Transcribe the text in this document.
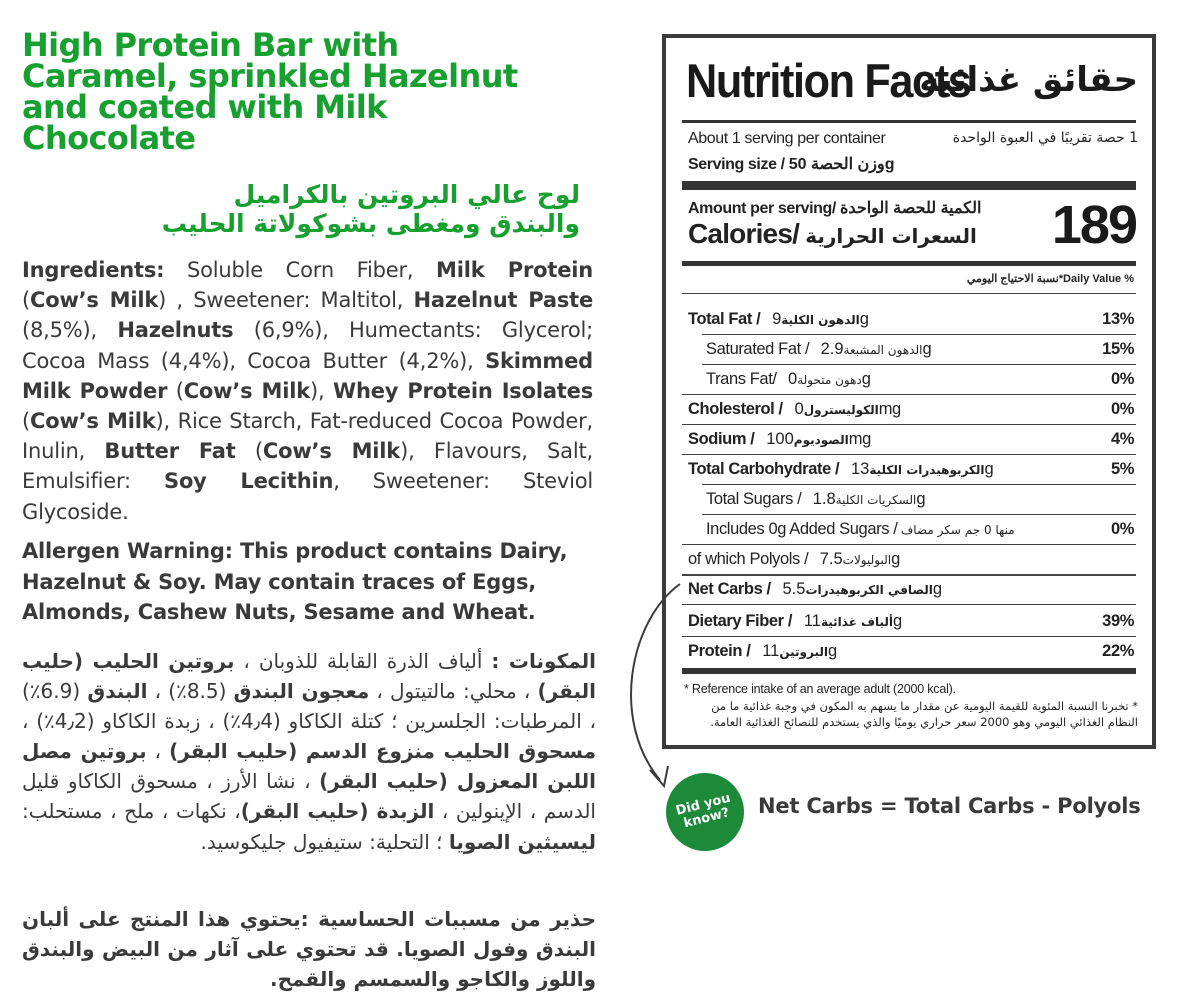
High Protein Bar with
Caramel, sprinkled Hazelnut
and coated with Milk
Chocolate
لوح عالي البروتين بالكراميل
والبندق ومغطى بشوكولاتة الحليب
Ingredients: Soluble Corn Fiber, Milk Protein (Cow’s Milk) , Sweetener: Maltitol, Hazelnut Paste (8,5%), Hazelnuts (6,9%), Humectants: Glycerol; Cocoa Mass (4,4%), Cocoa Butter (4,2%), Skimmed Milk Powder (Cow’s Milk), Whey Protein Isolates (Cow’s Milk), Rice Starch, Fat-reduced Cocoa Powder, Inulin, Butter Fat (Cow’s Milk), Flavours, Salt, Emulsifier: Soy Lecithin, Sweetener: Steviol Glycoside.
Allergen Warning: This product contains Dairy, Hazelnut & Soy. May contain traces of Eggs, Almonds, Cashew Nuts, Sesame and Wheat.
المكونات : ألياف الذرة القابلة للذوبان ، بروتين الحليب (حليب البقر) ، محلي: مالتيتول ، معجون البندق (8.5٪) ، البندق (6.9٪) ، المرطبات: الجلسرين ؛ كتلة الكاكاو (4٫4٪) ، زبدة الكاكاو (4٫2٪) ، مسحوق الحليب منزوع الدسم (حليب البقر) ، بروتين مصل اللبن المعزول (حليب البقر) ، نشا الأرز ، مسحوق الكاكاو قليل الدسم ، الإينولين ، الزبدة (حليب البقر)، نكهات ، ملح ، مستحلب: ليسيثين الصويا ؛ التحلية: ستيفيول جليكوسيد.
حذير من مسببات الحساسية :يحتوي هذا المنتج على ألبان البندق وفول الصويا. قد تحتوي على آثار من البيض والبندق واللوز والكاجو والسمسم والقمح.
Nutrition Facts
حقائق غذائية
About 1 serving per container	1 حصة تقريبًا في العبوة الواحدة
Serving size / وزن الحصة 50g
Amount per serving/ الكمية للحصة الواحدة
Calories/ السعرات الحرارية 189
نسبة الاحتياج اليومي*Daily Value %
Total Fat / الدهون الكلية9g	13%
Saturated Fat / الدهون المشبعة2.9g	15%
Trans Fat/ دهون متحولة0g	0%
Cholesterol / الكوليسترول0mg	0%
Sodium / الصوديوم100mg	4%
Total Carbohydrate / الكربوهيدرات الكلية13g	5%
Total Sugars / السكريات الكلية1.8g
Includes 0g Added Sugars / منها 0 جم سكر مضاف	0%
of which Polyols / البوليولات7.5g
Net Carbs / الصافي الكربوهيدرات5.5g
Dietary Fiber / ألياف غذائية11g	39%
Protein / البروتين11g	22%
* Reference intake of an average adult (2000 kcal).
* تخبرنا النسبة المئوية للقيمة اليومية عن مقدار ما يسهم به المكون في وجبة غذائية ما من النظام الغذائي اليومي وهو 2000 سعر حراري يوميًا والذي يستخدم للنصائح الغذائية العامة.
Did you know?	Net Carbs = Total Carbs - Polyols
